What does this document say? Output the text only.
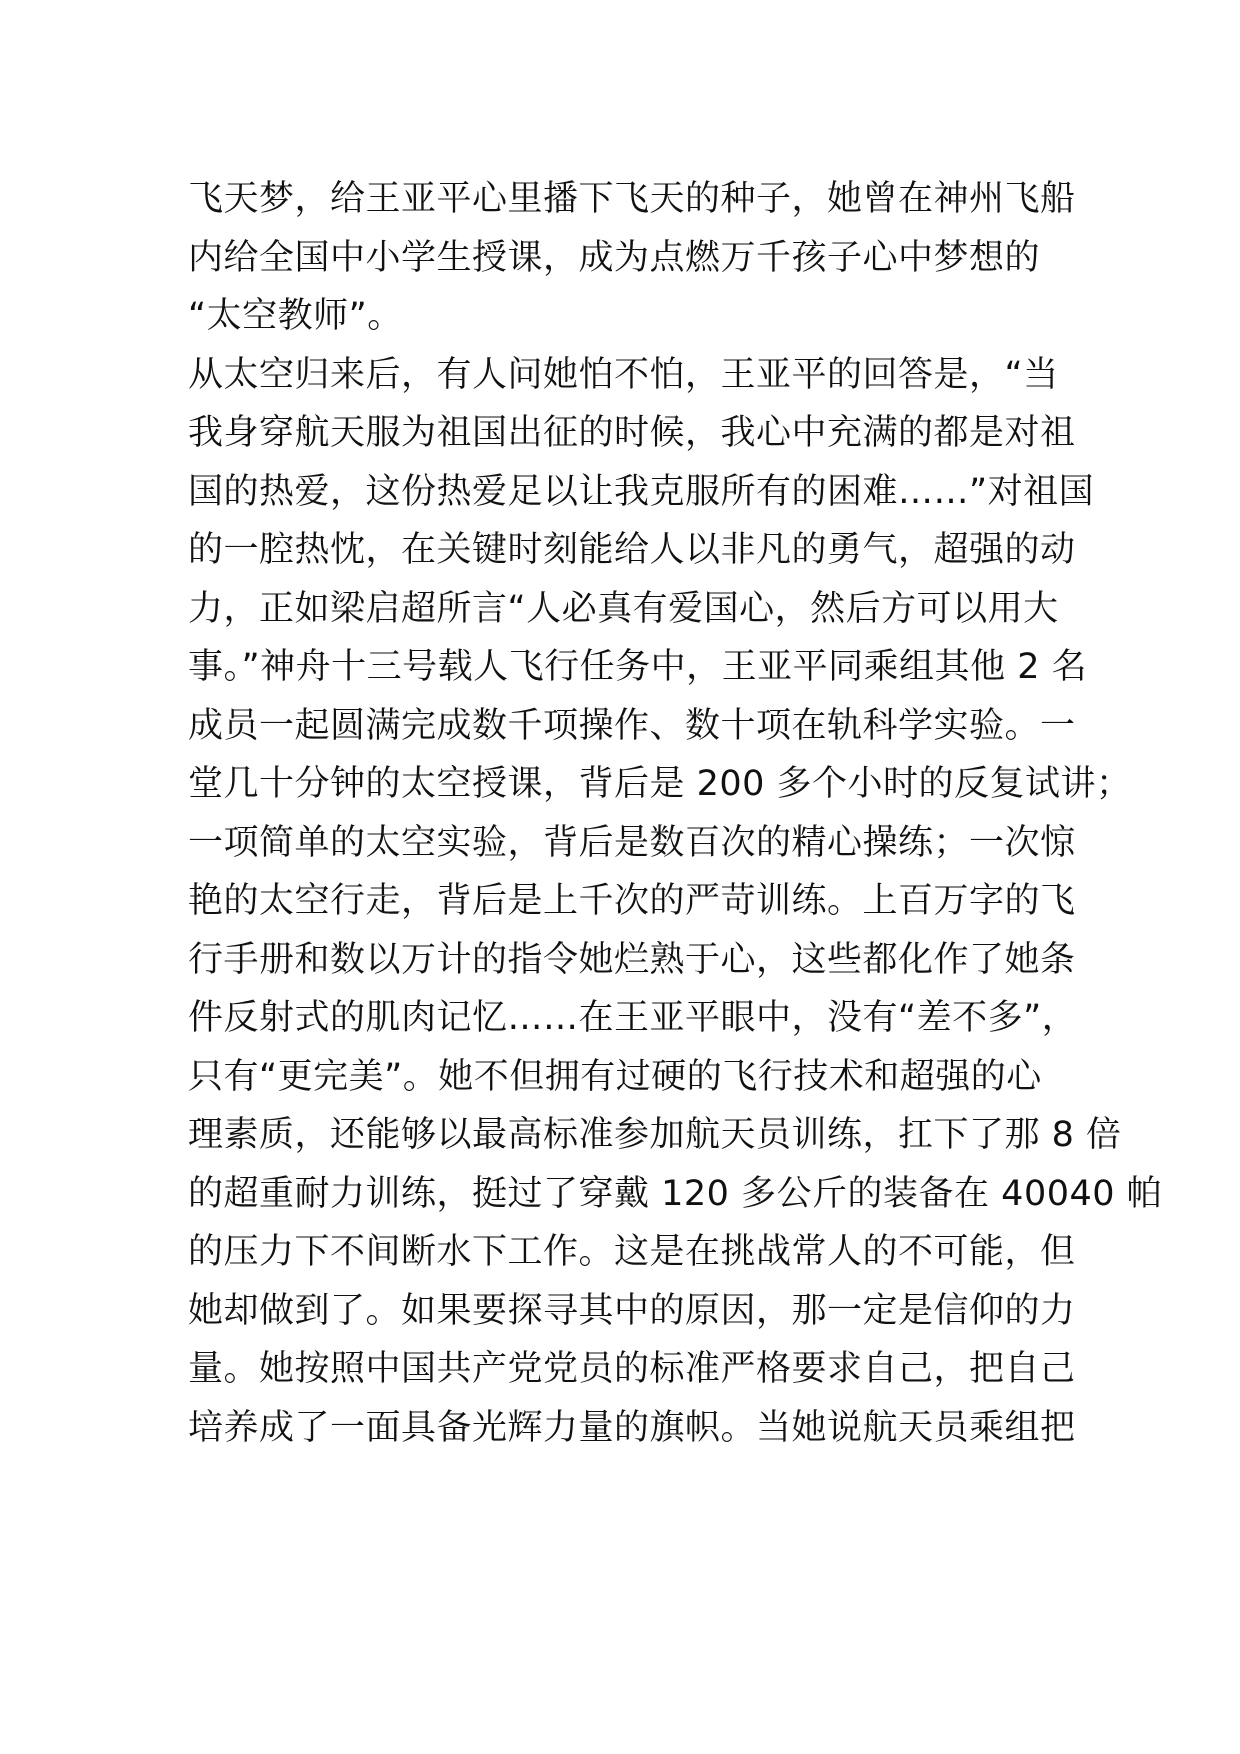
飞天梦，给王亚平心里播下飞天的种子，她曾在神州飞船
内给全国中小学生授课，成为点燃万千孩子心中梦想的
“太空教师”。
从太空归来后，有人问她怕不怕，王亚平的回答是，“当
我身穿航天服为祖国出征的时候，我心中充满的都是对祖
国的热爱，这份热爱足以让我克服所有的困难……”对祖国
的一腔热忱，在关键时刻能给人以非凡的勇气，超强的动
力，正如梁启超所言“人必真有爱国心，然后方可以用大
事。”神舟十三号载人飞行任务中，王亚平同乘组其他 2 名
成员一起圆满完成数千项操作、数十项在轨科学实验。一
堂几十分钟的太空授课，背后是 200 多个小时的反复试讲；
一项简单的太空实验，背后是数百次的精心操练；一次惊
艳的太空行走，背后是上千次的严苛训练。上百万字的飞
行手册和数以万计的指令她烂熟于心，这些都化作了她条
件反射式的肌肉记忆……在王亚平眼中，没有“差不多”，
只有“更完美”。她不但拥有过硬的飞行技术和超强的心
理素质，还能够以最高标准参加航天员训练，扛下了那 8 倍
的超重耐力训练，挺过了穿戴 120 多公斤的装备在 40040 帕
的压力下不间断水下工作。这是在挑战常人的不可能，但
她却做到了。如果要探寻其中的原因，那一定是信仰的力
量。她按照中国共产党党员的标准严格要求自己，把自己
培养成了一面具备光辉力量的旗帜。当她说航天员乘组把
